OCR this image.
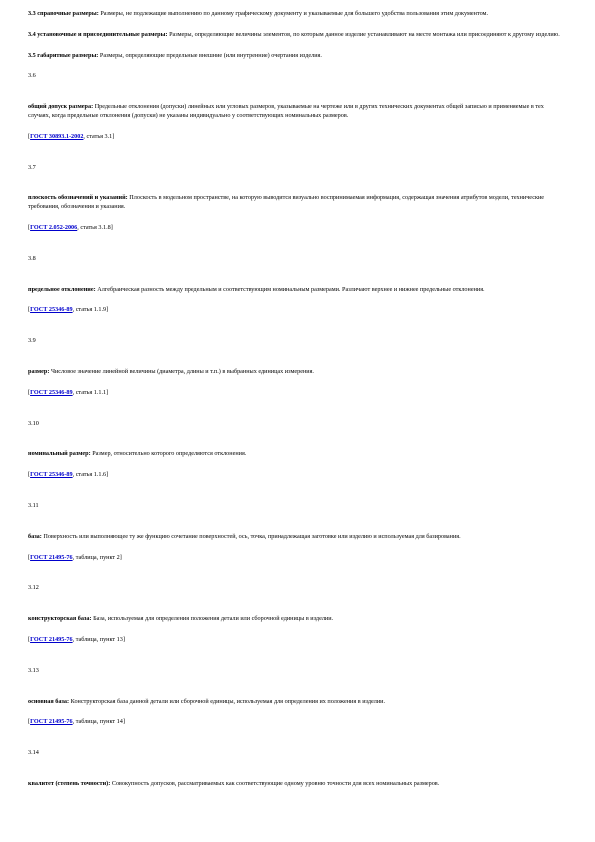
3.3 справочные размеры: Размеры, не подлежащие выполнению по данному графическому документу и указываемые для большего удобства пользования этим документом.

3.4 установочные и присоединительные размеры: Размеры, определяющие величины элементов, по которым данное изделие устанавливают на месте монтажа или присоединяют к другому изделию.

3.5 габаритные размеры: Размеры, определяющие предельные внешние (или внутренние) очертания изделия.

3.6

общий допуск размера: Предельные отклонения (допуски) линейных или угловых размеров, указываемые на чертеже или в других технических документах общей записью и применяемые в тех случаях, когда предельные отклонения (допуски) не указаны индивидуально у соответствующих номинальных размеров.

[ГОСТ 30893.1-2002, статья 3.1]

3.7

плоскость обозначений и указаний: Плоскость в модельном пространстве, на которую выводится визуально воспринимаемая информация, содержащая значения атрибутов модели, технические требования, обозначения и указания.

[ГОСТ 2.052-2006, статья 3.1.8]

3.8

предельное отклонение: Алгебраическая разность между предельным и соответствующим номинальным размерами. Различают верхнее и нижнее предельные отклонения.

[ГОСТ 25346-89, статья 1.1.9]

3.9

размер: Числовое значение линейной величины (диаметра, длины и т.п.) в выбранных единицах измерения.

[ГОСТ 25346-89, статья 1.1.1]

3.10

номинальный размер: Размер, относительно которого определяются отклонения.

[ГОСТ 25346-89, статья 1.1.6]

3.11

база: Поверхность или выполняющее ту же функцию сочетание поверхностей, ось, точка, принадлежащая заготовке или изделию и используемая для базирования.

[ГОСТ 21495-76, таблица, пункт 2]

3.12

конструкторская база: База, используемая для определения положения детали или сборочной единицы в изделии.

[ГОСТ 21495-76, таблица, пункт 13]

3.13

основная база: Конструкторская база данной детали или сборочной единицы, используемая для определения их положения в изделии.

[ГОСТ 21495-76, таблица, пункт 14]

3.14

квалитет (степень точности): Совокупность допусков, рассматриваемых как соответствующие одному уровню точности для всех номинальных размеров.
